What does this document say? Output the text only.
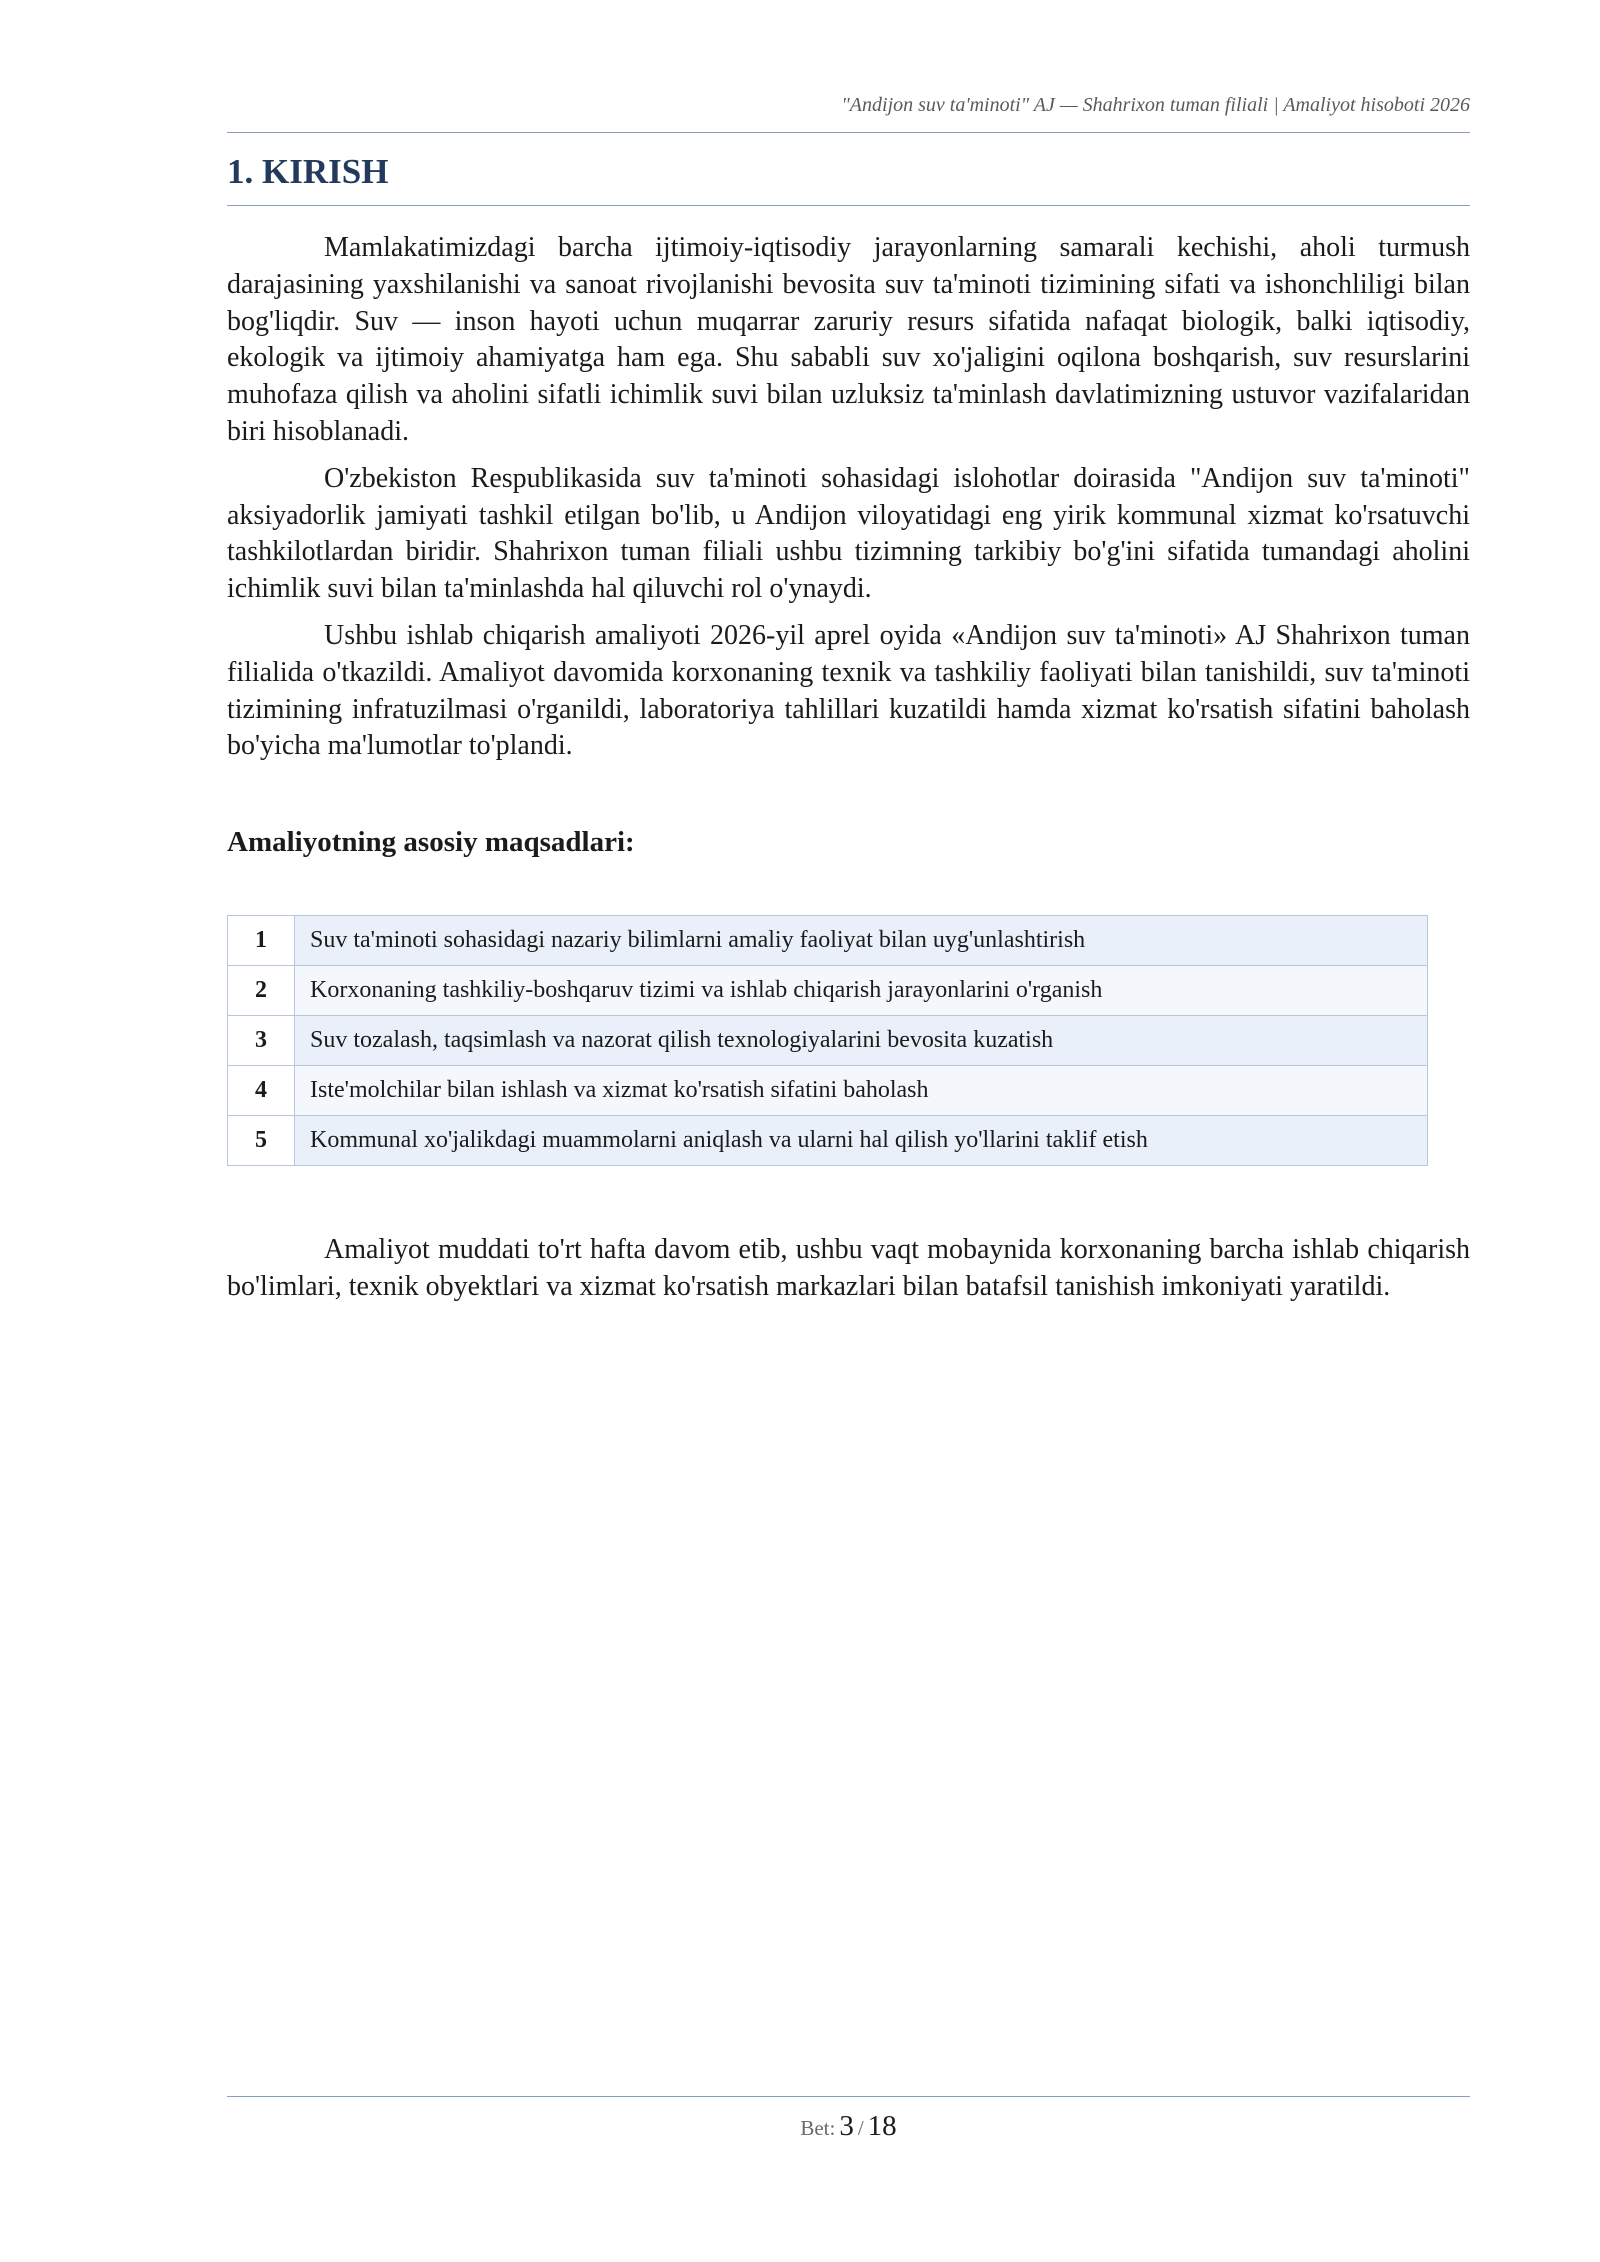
"Andijon suv ta'minoti" AJ — Shahrixon tuman filiali | Amaliyot hisoboti 2026
1. KIRISH

Mamlakatimizdagi barcha ijtimoiy-iqtisodiy jarayonlarning samarali kechishi, aholi turmush darajasining yaxshilanishi va sanoat rivojlanishi bevosita suv ta'minoti tizimining sifati va ishonchliligi bilan bog'liqdir. Suv — inson hayoti uchun muqarrar zaruriy resurs sifatida nafaqat biologik, balki iqtisodiy, ekologik va ijtimoiy ahamiyatga ham ega. Shu sababli suv xo'jaligini oqilona boshqarish, suv resurslarini muhofaza qilish va aholini sifatli ichimlik suvi bilan uzluksiz ta'minlash davlatimizning ustuvor vazifalaridan biri hisoblanadi.

O'zbekiston Respublikasida suv ta'minoti sohasidagi islohotlar doirasida "Andijon suv ta'minoti" aksiyadorlik jamiyati tashkil etilgan bo'lib, u Andijon viloyatidagi eng yirik kommunal xizmat ko'rsatuvchi tashkilotlardan biridir. Shahrixon tuman filiali ushbu tizimning tarkibiy bo'g'ini sifatida tumandagi aholini ichimlik suvi bilan ta'minlashda hal qiluvchi rol o'ynaydi.

Ushbu ishlab chiqarish amaliyoti 2026-yil aprel oyida «Andijon suv ta'minoti» AJ Shahrixon tuman filialida o'tkazildi. Amaliyot davomida korxonaning texnik va tashkiliy faoliyati bilan tanishildi, suv ta'minoti tizimining infratuzilmasi o'rganildi, laboratoriya tahlillari kuzatildi hamda xizmat ko'rsatish sifatini baholash bo'yicha ma'lumotlar to'plandi.

Amaliyotning asosiy maqsadlari:
1	Suv ta'minoti sohasidagi nazariy bilimlarni amaliy faoliyat bilan uyg'unlashtirish
2	Korxonaning tashkiliy-boshqaruv tizimi va ishlab chiqarish jarayonlarini o'rganish
3	Suv tozalash, taqsimlash va nazorat qilish texnologiyalarini bevosita kuzatish
4	Iste'molchilar bilan ishlash va xizmat ko'rsatish sifatini baholash
5	Kommunal xo'jalikdagi muammolarni aniqlash va ularni hal qilish yo'llarini taklif etish

Amaliyot muddati to'rt hafta davom etib, ushbu vaqt mobaynida korxonaning barcha ishlab chiqarish bo'limlari, texnik obyektlari va xizmat ko'rsatish markazlari bilan batafsil tanishish imkoniyati yaratildi.

Bet: 3 / 18
